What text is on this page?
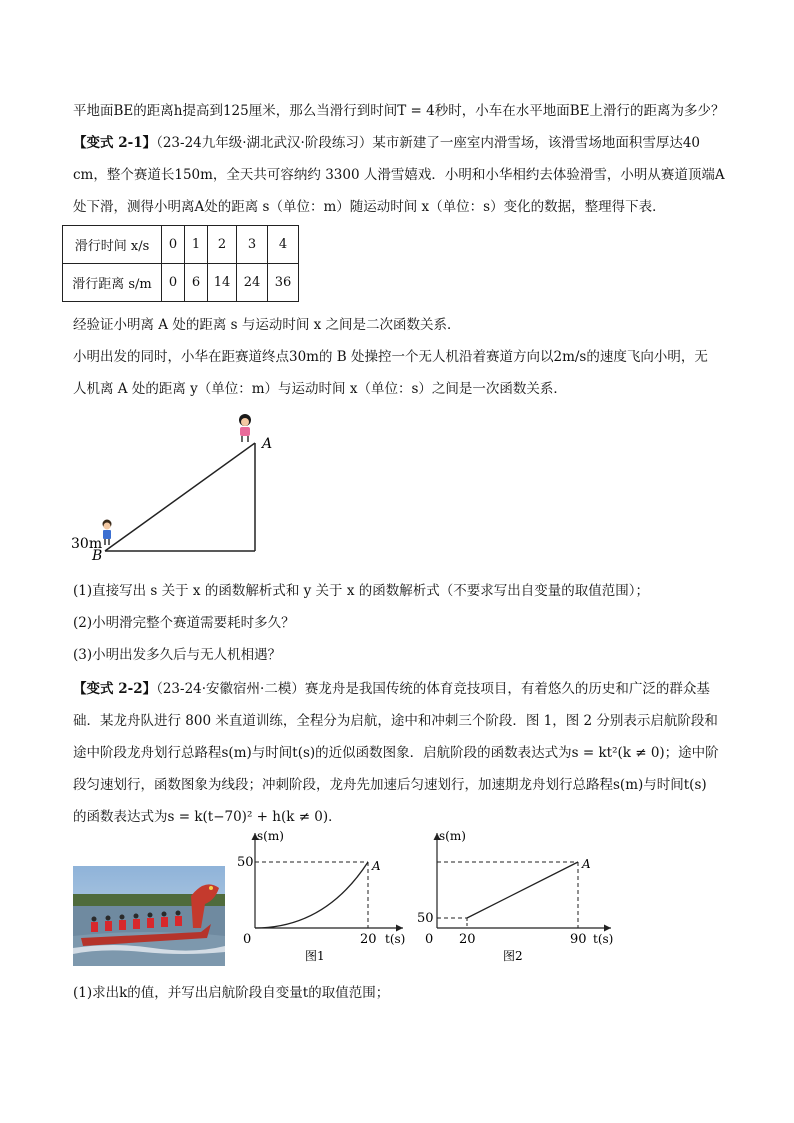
平地面BE的距离h提高到125厘米，那么当滑行到时间T = 4秒时，小车在水平地面BE上滑行的距离为多少？
【变式 2-1】（23-24九年级·湖北武汉·阶段练习）某市新建了一座室内滑雪场，该滑雪场地面积雪厚达40
cm，整个赛道长150m，全天共可容纳约 3300 人滑雪嬉戏．小明和小华相约去体验滑雪，小明从赛道顶端A
处下滑，测得小明离A处的距离 s（单位：m）随运动时间 x（单位：s）变化的数据，整理得下表．
滑行时间 x/s	0	1	2	3	4
滑行距离 s/m	0	6	14	24	36
经验证小明离 A 处的距离 s 与运动时间 x 之间是二次函数关系．
小明出发的同时，小华在距赛道终点30m的 B 处操控一个无人机沿着赛道方向以2m/s的速度飞向小明，无
人机离 A 处的距离 y（单位：m）与运动时间 x（单位：s）之间是一次函数关系．
A
B
30m
(1)直接写出 s 关于 x 的函数解析式和 y 关于 x 的函数解析式（不要求写出自变量的取值范围）；
(2)小明滑完整个赛道需要耗时多久？
(3)小明出发多久后与无人机相遇？
【变式 2-2】（23-24·安徽宿州·二模）赛龙舟是我国传统的体育竞技项目，有着悠久的历史和广泛的群众基
础．某龙舟队进行 800 米直道训练，全程分为启航，途中和冲刺三个阶段．图 1，图 2 分别表示启航阶段和
途中阶段龙舟划行总路程s(m)与时间t(s)的近似函数图象．启航阶段的函数表达式为s = kt²(k ≠ 0)；途中阶
段匀速划行，函数图象为线段；冲刺阶段，龙舟先加速后匀速划行，加速期龙舟划行总路程s(m)与时间t(s)
的函数表达式为s = k(t−70)² + h(k ≠ 0)．
s(m)
t(s)
50
20
0
A
图1
s(m)
t(s)
50
20	90
0
A
图2
(1)求出k的值，并写出启航阶段自变量t的取值范围；
